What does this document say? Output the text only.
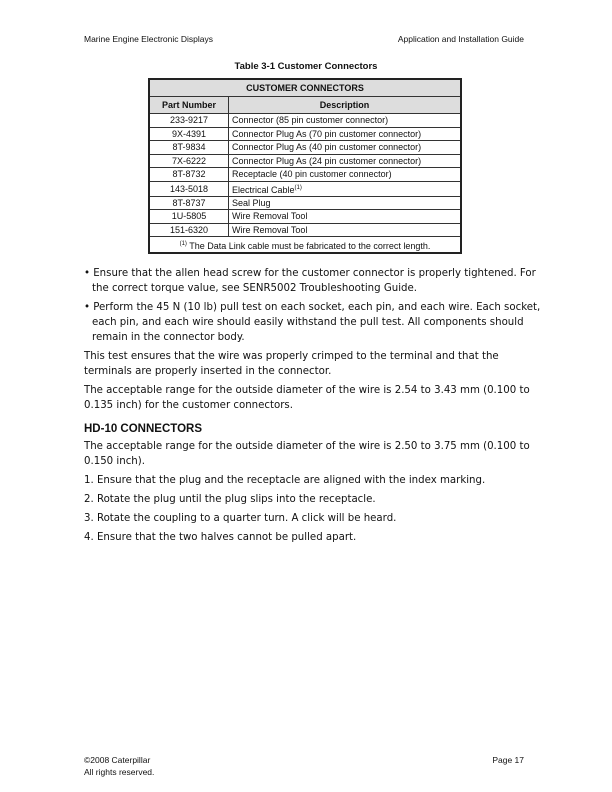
Marine Engine Electronic Displays	Application and Installation Guide
Table 3-1 Customer Connectors
CUSTOMER CONNECTORS	
Part Number	Description
233-9217	Connector (85 pin customer connector)
9X-4391	Connector Plug As (70 pin customer connector)
8T-9834	Connector Plug As (40 pin customer connector)
7X-6222	Connector Plug As (24 pin customer connector)
8T-8732	Receptacle (40 pin customer connector)
143-5018	Electrical Cable$^{(1)}$
8T-8737	Seal Plug
1U-5805	Wire Removal Tool
151-6320	Wire Removal Tool
$^{(1)}$ The Data Link cable must be fabricated to the correct length.	

• Ensure that the allen head screw for the customer connector is properly tightened. For the correct torque value, see SENR5002 Troubleshooting Guide.

• Perform the 45 N (10 lb) pull test on each socket, each pin, and each wire. Each socket, each pin, and each wire should easily withstand the pull test. All components should remain in the connector body.

This test ensures that the wire was properly crimped to the terminal and that the terminals are properly inserted in the connector.

The acceptable range for the outside diameter of the wire is 2.54 to 3.43 mm (0.100 to 0.135 inch) for the customer connectors.

HD-10 CONNECTORS

The acceptable range for the outside diameter of the wire is 2.50 to 3.75 mm (0.100 to 0.150 inch).

1. Ensure that the plug and the receptacle are aligned with the index marking.

2. Rotate the plug until the plug slips into the receptacle.

3. Rotate the coupling to a quarter turn. A click will be heard.

4. Ensure that the two halves cannot be pulled apart.

©2008 Caterpillar
All rights reserved.
Page 17
